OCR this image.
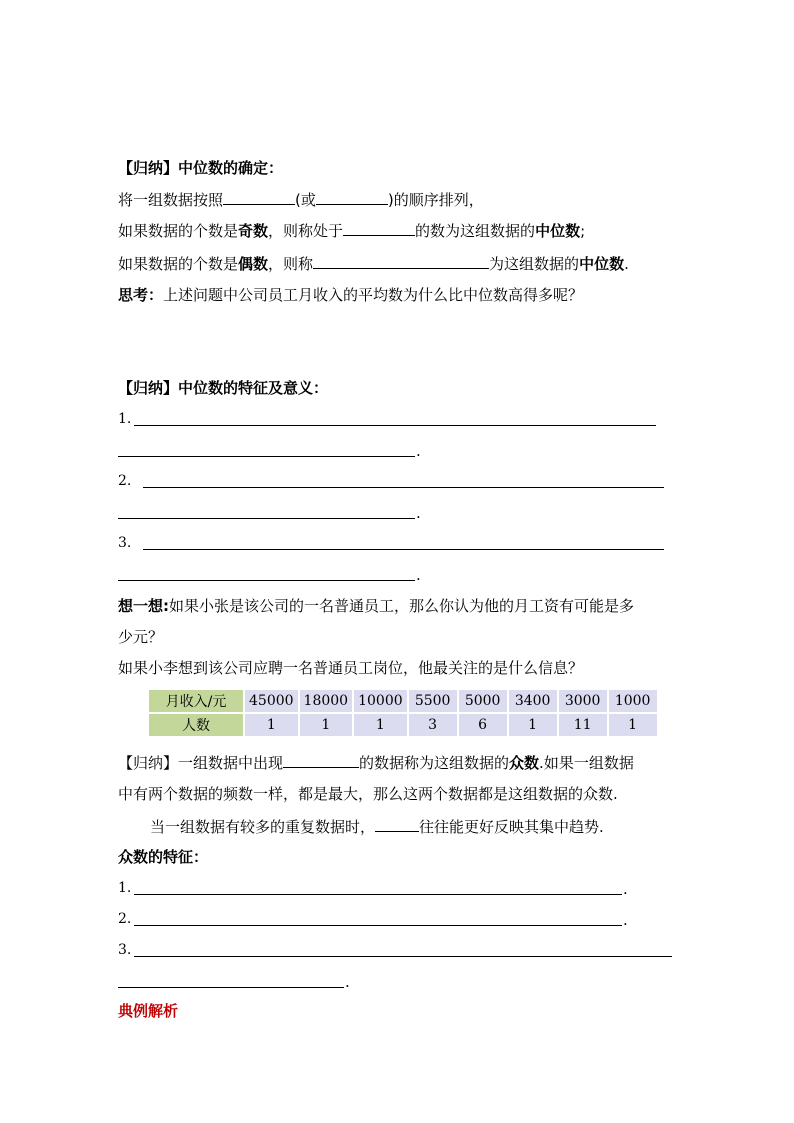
【归纳】中位数的确定：
将一组数据按照	(或	)的顺序排列，
如果数据的个数是奇数，则称处于	的数为这组数据的中位数;
如果数据的个数是偶数，则称	为这组数据的中位数.
思考：上述问题中公司员工月收入的平均数为什么比中位数高得多呢？
【归纳】中位数的特征及意义：
1.
.
2.
.
3.
.
想一想:如果小张是该公司的一名普通员工，那么你认为他的月工资有可能是多
少元？
如果小李想到该公司应聘一名普通员工岗位，他最关注的是什么信息？
月收入/元	45000	18000	10000	5500	5000	3400	3000	1000
人数	1	1	1	3	6	1	11	1
【归纳】一组数据中出现	的数据称为这组数据的众数.如果一组数据
中有两个数据的频数一样，都是最大，那么这两个数据都是这组数据的众数.
当一组数据有较多的重复数据时，	往往能更好反映其集中趋势.
众数的特征：
1.	.
2.	.
3.
.
典例解析
